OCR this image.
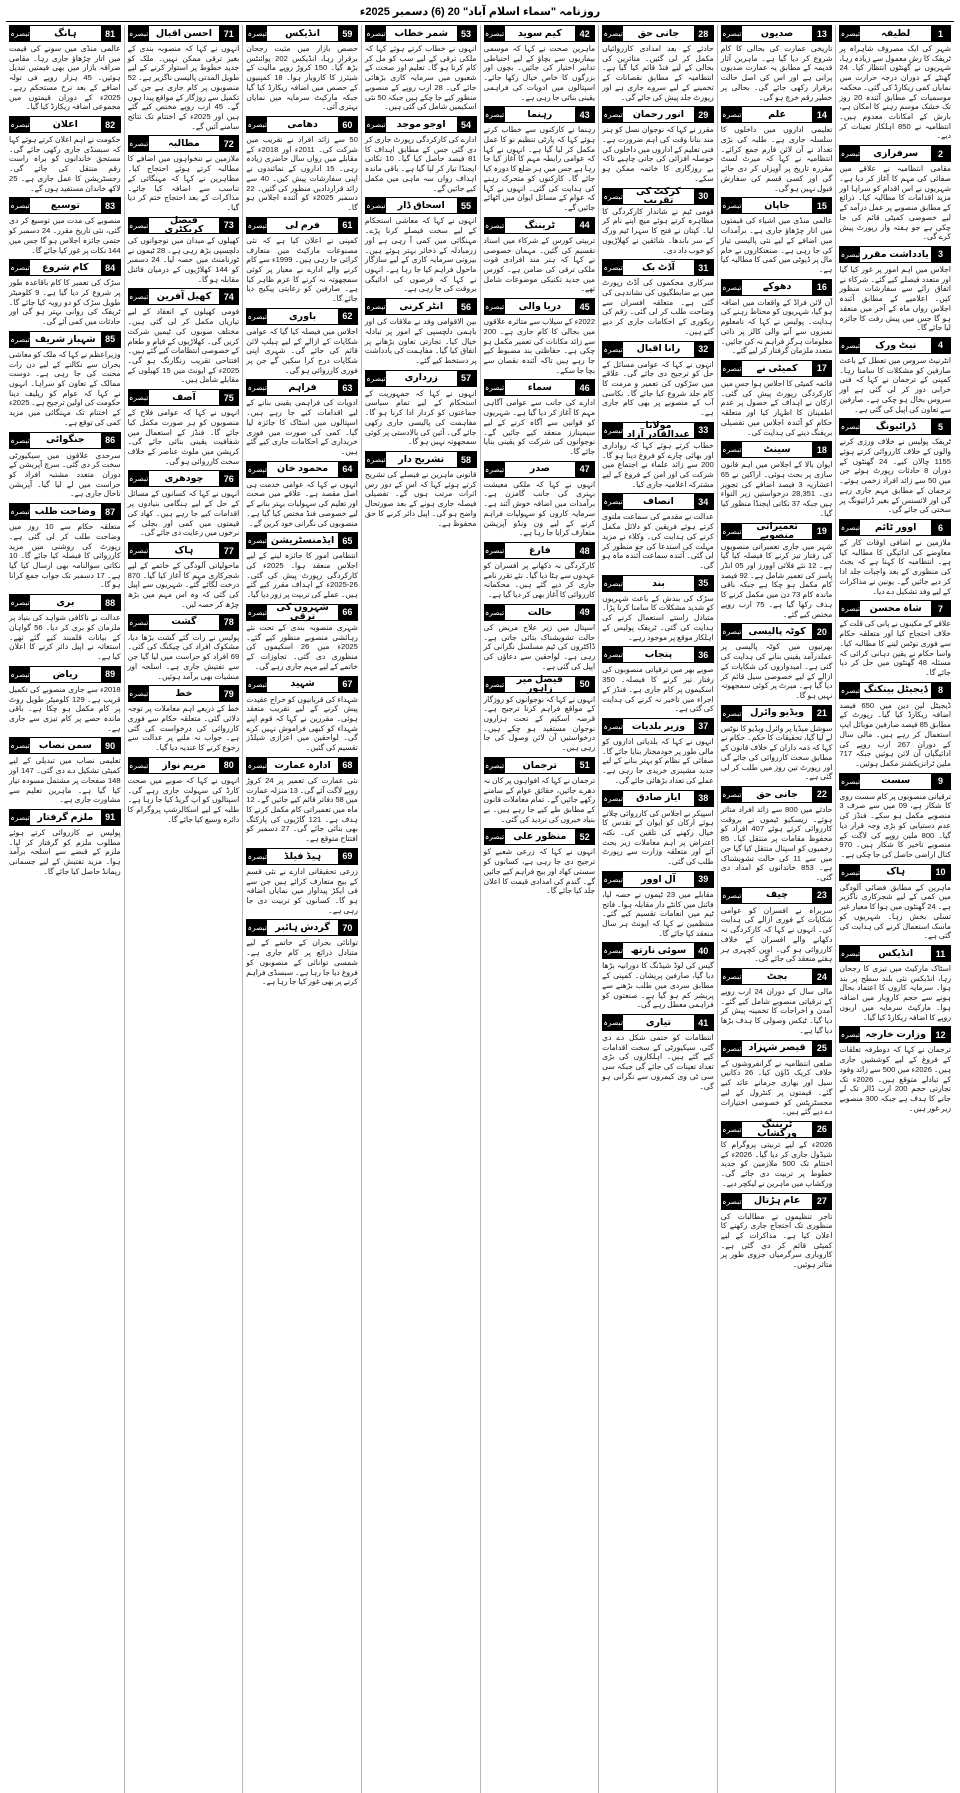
روزنامہ "سماء اسلام آباد" 20 (6) دسمبر 2025ء
1
لطیفہ
تبصرہ
شہر کی ایک مصروف شاہراہ پر ٹریفک کا رش معمول سے زیادہ رہا، شہریوں نے گھنٹوں انتظار کیا۔ 24 گھنٹے کے دوران درجہ حرارت میں نمایاں کمی ریکارڈ کی گئی۔ محکمہ موسمیات کے مطابق آئندہ 20 روز تک خشک موسم رہنے کا امکان ہے، بارش کے امکانات معدوم ہیں۔ انتظامیہ نے 850 اہلکار تعینات کر دیے۔
2
سرفرازی
تبصرہ
مقامی انتظامیہ نے علاقے میں صفائی کی مہم کا آغاز کر دیا ہے۔ شہریوں نے اس اقدام کو سراہا اور مزید اقدامات کا مطالبہ کیا۔ ذرائع کے مطابق منصوبے پر عمل درآمد کے لیے خصوصی کمیٹی قائم کی جا چکی ہے جو ہفتہ وار رپورٹ پیش کرے گی۔
3
یادداشت مقرر
تبصرہ
اجلاس میں اہم امور پر غور کیا گیا اور متعدد فیصلے کیے گئے۔ شرکاء نے اتفاق رائے سے سفارشات منظور کیں۔ اعلامیے کے مطابق آئندہ اجلاس رواں ماہ کے آخر میں منعقد ہو گا جس میں پیش رفت کا جائزہ لیا جائے گا۔
4
نیٹ ورک
تبصرہ
انٹرنیٹ سروس میں تعطل کے باعث صارفین کو مشکلات کا سامنا رہا۔ کمپنی کے ترجمان نے کہا کہ فنی خرابی دور کر لی گئی ہے اور سروس بحال ہو چکی ہے۔ صارفین سے تعاون کی اپیل کی گئی ہے۔
5
ڈرائیونگ
تبصرہ
ٹریفک پولیس نے خلاف ورزی کرنے والوں کے خلاف کارروائی کرتے ہوئے 1155 چالان کیے۔ 24 گھنٹوں کے دوران 8 حادثات رپورٹ ہوئے جن میں 50 سے زائد افراد زخمی ہوئے۔ ترجمان کے مطابق مہم جاری رہے گی اور لائسنس کے بغیر ڈرائیونگ پر سختی کی جائے گی۔
6
اوور ٹائم
تبصرہ
ملازمین نے اضافی اوقات کار کے معاوضے کی ادائیگی کا مطالبہ کیا ہے۔ انتظامیہ کا کہنا ہے کہ بجٹ کی منظوری کے بعد واجبات جلد ادا کر دیے جائیں گے۔ یونین نے مذاکرات کے لیے وفد تشکیل دے دیا۔
7
شاہ محسن
تبصرہ
علاقے کے مکینوں نے پانی کی قلت کے خلاف احتجاج کیا اور متعلقہ حکام سے فوری نوٹس لینے کا مطالبہ کیا۔ واسا حکام نے یقین دہانی کرائی کہ مسئلہ 48 گھنٹوں میں حل کر دیا جائے گا۔
8
ڈیجیٹل بینکنگ
تبصرہ
ڈیجیٹل لین دین میں 650 فیصد اضافہ ریکارڈ کیا گیا۔ رپورٹ کے مطابق 85 فیصد صارفین موبائل ایپ استعمال کر رہے ہیں۔ مالی سال کے دوران 267 ارب روپے کی ادائیگیاں آن لائن ہوئیں جبکہ 717 ملین ٹرانزیکشنز مکمل ہوئیں۔
9
سست
تبصرہ
ترقیاتی منصوبوں پر کام سست روی کا شکار ہے، 09 میں سے صرف 3 منصوبے مکمل ہو سکے۔ فنڈز کی عدم دستیابی کو بڑی وجہ قرار دیا گیا۔ 800 ملین روپے کی لاگت کے منصوبے تاخیر کا شکار ہیں۔ 970 کنال اراضی حاصل کی جا چکی ہے۔
10
ہاک
تبصرہ
ماہرین کے مطابق فضائی آلودگی میں کمی کے لیے شجرکاری ناگزیر ہے۔ 24 گھنٹوں میں ہوا کا معیار غیر تسلی بخش رہا۔ شہریوں کو ماسک استعمال کرنے کی ہدایت کی گئی ہے۔
11
انڈیکس
تبصرہ
اسٹاک مارکیٹ میں تیزی کا رجحان رہا، انڈیکس نئی بلند سطح پر بند ہوا۔ سرمایہ کاروں کا اعتماد بحال ہونے سے حجم کاروبار میں اضافہ ہوا۔ مارکیٹ سرمایہ میں اربوں روپے کا اضافہ ریکارڈ کیا گیا۔
12
وزارت خارجہ
تبصرہ
ترجمان نے کہا کہ دوطرفہ تعلقات کے فروغ کے لیے کوششیں جاری ہیں۔ 2026ء میں 500 سے زائد وفود کے تبادلے متوقع ہیں۔ 2026ء تک تجارتی حجم 200 ارب ڈالر تک لے جانے کا ہدف ہے جبکہ 300 منصوبے زیر غور ہیں۔
13
صدیوں
تبصرہ
تاریخی عمارت کی بحالی کا کام شروع کر دیا گیا ہے۔ ماہرین آثار قدیمہ کے مطابق یہ عمارت صدیوں پرانی ہے اور اس کی اصل حالت برقرار رکھی جائے گی۔ بحالی پر خطیر رقم خرچ ہو گی۔
14
علم
تبصرہ
تعلیمی اداروں میں داخلوں کا سلسلہ جاری ہے۔ طلبہ کی بڑی تعداد نے آن لائن فارم جمع کرائے۔ انتظامیہ نے کہا کہ میرٹ لسٹ مقررہ تاریخ پر آویزاں کر دی جائے گی اور کسی قسم کی سفارش قبول نہیں ہو گی۔
15
جاپان
تبصرہ
عالمی منڈی میں اشیاء کی قیمتوں میں اتار چڑھاؤ جاری ہے۔ برآمدات میں اضافے کے لیے نئی پالیسی تیار کی جا رہی ہے۔ صنعتکاروں نے خام مال پر ڈیوٹی میں کمی کا مطالبہ کیا ہے۔
16
دھوکے
تبصرہ
آن لائن فراڈ کے واقعات میں اضافہ ہو گیا، شہریوں کو محتاط رہنے کی ہدایت۔ پولیس نے کہا کہ نامعلوم نمبروں سے آنے والی کالز پر ذاتی معلومات ہرگز فراہم نہ کی جائیں۔ متعدد ملزمان گرفتار کر لیے گئے۔
17
کمیٹی نے
تبصرہ
قائمہ کمیٹی کا اجلاس ہوا جس میں کارکردگی رپورٹ پیش کی گئی۔ ارکان نے اہداف کے حصول پر عدم اطمینان کا اظہار کیا اور متعلقہ حکام کو آئندہ اجلاس میں تفصیلی بریفنگ دینے کی ہدایت کی۔
18
سینٹ
تبصرہ
ایوان بالا کے اجلاس میں اہم قانون سازی پر بحث ہوئی۔ اراکین نے 65 اعشاریہ 3 فیصد اضافے کی تجویز دی۔ 28,351 درخواستیں زیر التواء ہیں جبکہ 37 نکاتی ایجنڈا منظور کیا گیا۔
19
تعمیراتی منصوبے
تبصرہ
شہر میں جاری تعمیراتی منصوبوں کی رفتار تیز کرنے کا فیصلہ کیا گیا ہے۔ 12 نئے فلائی اوورز اور 05 انڈر پاسز کی تعمیر شامل ہے۔ 92 فیصد کام مکمل ہو چکا ہے جبکہ باقی ماندہ کام 73 دن میں مکمل کرنے کا ہدف رکھا گیا ہے۔ 75 ارب روپے مختص کیے گئے۔
20
کوٹہ پالیسی
تبصرہ
بھرتیوں میں کوٹہ پالیسی پر عملدرآمد یقینی بنانے کی ہدایت کی گئی ہے۔ امیدواروں کی شکایات کے ازالے کے لیے خصوصی سیل قائم کر دیا گیا ہے۔ میرٹ پر کوئی سمجھوتہ نہیں ہو گا۔
21
ویڈیو وائرل
تبصرہ
سوشل میڈیا پر وائرل ویڈیو کا نوٹس لے لیا گیا، تحقیقات کا حکم۔ حکام نے کہا کہ ذمہ داران کے خلاف قانون کے مطابق سخت کارروائی کی جائے گی اور رپورٹ تین روز میں طلب کر لی گئی ہے۔
22
جانی حق
تبصرہ
حادثے میں 800 سے زائد افراد متاثر ہوئے۔ ریسکیو ٹیموں نے بروقت کارروائی کرتے ہوئے 407 افراد کو محفوظ مقامات پر منتقل کیا۔ 85 زخمیوں کو اسپتال منتقل کیا گیا جن میں سے 11 کی حالت تشویشناک ہے۔ 853 خاندانوں کو امداد دی گئی۔
23
چیف
تبصرہ
سربراہ نے افسران کو عوامی شکایات کے فوری ازالے کی ہدایت کی۔ انہوں نے کہا کہ کارکردگی نہ دکھانے والے افسران کے خلاف کارروائی ہو گی۔ اوپن کچہری ہر ہفتے منعقد کی جائے گی۔
24
بجٹ
تبصرہ
مالی سال کے دوران 24 ارب روپے کے ترقیاتی منصوبے شامل کیے گئے۔ آمدن و اخراجات کا تخمینہ پیش کر دیا گیا۔ ٹیکس وصولی کا ہدف بڑھا دیا گیا ہے۔
25
قیصر شہزاد
تبصرہ
ضلعی انتظامیہ نے گرانفروشوں کے خلاف کریک ڈاؤن کیا۔ 26 دکانیں سیل اور بھاری جرمانے عائد کیے گئے۔ قیمتوں پر کنٹرول کے لیے مجسٹریٹس کو خصوصی اختیارات دے دیے گئے ہیں۔
26
ٹریننگ ورکشاپ
تبصرہ
2026ء کے لیے تربیتی پروگرام کا شیڈول جاری کر دیا گیا۔ 2026ء کے اختتام تک 500 ملازمین کو جدید خطوط پر تربیت دی جائے گی۔ ورکشاپ میں ماہرین نے لیکچر دیے۔
27
عام ہڑتال
تبصرہ
تاجر تنظیموں نے مطالبات کی منظوری تک احتجاج جاری رکھنے کا اعلان کیا ہے۔ مذاکرات کے لیے کمیٹی قائم کر دی گئی ہے۔ کاروباری سرگرمیاں جزوی طور پر متاثر ہوئیں۔
28
جانی حق
تبصرہ
حادثے کے بعد امدادی کارروائیاں مکمل کر لی گئیں۔ متاثرین کی بحالی کے لیے فنڈ قائم کیا گیا ہے۔ انتظامیہ کے مطابق نقصانات کے تخمینے کے لیے سروے جاری ہے اور رپورٹ جلد پیش کی جائے گی۔
29
انور رحمان
تبصرہ
مقرر نے کہا کہ نوجوان نسل کو ہنر مند بنانا وقت کی اہم ضرورت ہے۔ فنی تعلیم کے اداروں میں داخلوں کی حوصلہ افزائی کی جانی چاہیے تاکہ بے روزگاری کا خاتمہ ممکن ہو سکے۔
30
کرکٹ کی تقریب
تبصرہ
قومی ٹیم نے شاندار کارکردگی کا مظاہرہ کرتے ہوئے میچ اپنے نام کر لیا۔ کپتان نے فتح کا سہرا ٹیم ورک کے سر باندھا۔ شائقین نے کھلاڑیوں کو خوب داد دی۔
31
آڈٹ بک
تبصرہ
سرکاری محکموں کی آڈٹ رپورٹ میں بے ضابطگیوں کی نشاندہی کی گئی ہے۔ متعلقہ افسران سے وضاحت طلب کر لی گئی۔ رقم کی ریکوری کے احکامات جاری کر دیے گئے ہیں۔
32
رانا اقبال
تبصرہ
انہوں نے کہا کہ عوامی مسائل کے حل کو ترجیح دی جائے گی۔ علاقے میں سڑکوں کی تعمیر و مرمت کا کام جلد شروع کیا جائے گا۔ نکاسی آب کے منصوبے پر بھی کام جاری ہے۔
33
مولانا عبدالقادر آزاد
تبصرہ
خطاب کرتے ہوئے کہا کہ رواداری اور بھائی چارے کو فروغ دینا ہو گا۔ 200 سے زائد علماء نے اجتماع میں شرکت کی اور امن کے فروغ کے لیے مشترکہ اعلامیہ جاری کیا۔
34
انصاف
تبصرہ
عدالت نے مقدمے کی سماعت ملتوی کرتے ہوئے فریقین کو دلائل مکمل کرنے کی ہدایت کی۔ وکلاء نے مزید مہلت کی استدعا کی جو منظور کر لی گئی۔ آئندہ سماعت آئندہ ماہ ہو گی۔
35
بند
تبصرہ
سڑک کی بندش کے باعث شہریوں کو شدید مشکلات کا سامنا کرنا پڑا۔ متبادل راستے استعمال کرنے کی ہدایت کی گئی۔ ٹریفک پولیس کے اہلکار موقع پر موجود رہے۔
36
پنجاب
تبصرہ
صوبے بھر میں ترقیاتی منصوبوں کی رفتار تیز کرنے کا فیصلہ۔ 350 اسکیموں پر کام جاری ہے۔ فنڈز کے اجراء میں تاخیر نہ کرنے کی ہدایت کی گئی ہے۔
37
وزیر بلدیات
تبصرہ
انہوں نے کہا کہ بلدیاتی اداروں کو مالی طور پر خودمختار بنایا جائے گا۔ صفائی کے نظام کو بہتر بنانے کے لیے جدید مشینری خریدی جا رہی ہے۔ عملے کی تعداد بڑھائی جائے گی۔
38
ایاز صادق
تبصرہ
اسپیکر نے اجلاس کی کارروائی چلاتے ہوئے ارکان کو ایوان کے تقدس کا خیال رکھنے کی تلقین کی۔ نکتہ اعتراض پر اہم معاملات زیر بحث آئے اور متعلقہ وزارت سے رپورٹ طلب کی گئی۔
39
آل اوور
تبصرہ
مقابلے میں 23 ٹیموں نے حصہ لیا، فائنل میں کانٹے دار مقابلہ ہوا۔ فاتح ٹیم میں انعامات تقسیم کیے گئے۔ منتظمین نے کہا کہ ایونٹ ہر سال منعقد کیا جائے گا۔
40
سوئی نارتھ
تبصرہ
گیس کی لوڈ شیڈنگ کا دورانیہ بڑھا دیا گیا، صارفین پریشان۔ کمپنی کے مطابق سردی میں طلب بڑھنے سے پریشر کم ہو گیا ہے۔ صنعتوں کو فراہمی معطل رہے گی۔
41
تیاری
تبصرہ
انتظامات کو حتمی شکل دے دی گئی، سیکیورٹی کے سخت اقدامات کیے گئے ہیں۔ اہلکاروں کی بڑی تعداد تعینات کی جائے گی جبکہ سی سی ٹی وی کیمروں سے نگرانی ہو گی۔
42
کیم سوید
تبصرہ
ماہرین صحت نے کہا کہ موسمی بیماریوں سے بچاؤ کے لیے احتیاطی تدابیر اختیار کی جائیں۔ بچوں اور بزرگوں کا خاص خیال رکھا جائے۔ اسپتالوں میں ادویات کی فراہمی یقینی بنائی جا رہی ہے۔
43
رہنما
تبصرہ
رہنما نے کارکنوں سے خطاب کرتے ہوئے کہا کہ پارٹی تنظیم نو کا عمل مکمل کر لیا گیا ہے۔ انہوں نے کہا کہ عوامی رابطہ مہم کا آغاز کیا جا رہا ہے جس میں ہر ضلع کا دورہ کیا جائے گا۔ کارکنوں کو متحرک رہنے کی ہدایت کی گئی۔ انہوں نے کہا کہ عوام کے مسائل ایوان میں اٹھائے جائیں گے۔
44
ٹریننگ
تبصرہ
تربیتی کورس کے شرکاء میں اسناد تقسیم کی گئیں۔ مہمان خصوصی نے کہا کہ ہنر مند افرادی قوت ملکی ترقی کی ضامن ہے۔ کورس میں جدید تکنیکی موضوعات شامل تھے۔
45
دریا والی
تبصرہ
2022ء کے سیلاب سے متاثرہ علاقوں میں بحالی کا کام جاری ہے۔ 200 سے زائد مکانات کی تعمیر مکمل ہو چکی ہے۔ حفاظتی بند مضبوط کیے جا رہے ہیں تاکہ آئندہ نقصان سے بچا جا سکے۔
46
سماء
تبصرہ
ادارے کی جانب سے عوامی آگاہی مہم کا آغاز کر دیا گیا ہے۔ شہریوں کو قوانین سے آگاہ کرنے کے لیے سیمینارز منعقد کیے جائیں گے۔ نوجوانوں کی شرکت کو یقینی بنایا جائے گا۔
47
صدر
تبصرہ
انہوں نے کہا کہ ملکی معیشت بہتری کی جانب گامزن ہے۔ برآمدات میں اضافہ خوش آئند ہے۔ سرمایہ کاروں کو سہولیات فراہم کرنے کے لیے ون ونڈو آپریشن متعارف کرایا جا رہا ہے۔
48
فارغ
تبصرہ
کارکردگی نہ دکھانے پر افسران کو عہدوں سے ہٹا دیا گیا۔ نئے تقرر نامے جاری کر دیے گئے ہیں۔ محکمانہ کارروائی کا آغاز بھی کر دیا گیا ہے۔
49
حالت
تبصرہ
اسپتال میں زیر علاج مریض کی حالت تشویشناک بتائی جاتی ہے۔ ڈاکٹروں کی ٹیم مسلسل نگرانی کر رہی ہے۔ لواحقین سے دعاؤں کی اپیل کی گئی ہے۔
50
فیصل میر زاہور
تبصرہ
انہوں نے کہا کہ نوجوانوں کو روزگار کے مواقع فراہم کرنا ترجیح ہے۔ قرضہ اسکیم کے تحت ہزاروں نوجوان مستفید ہو چکے ہیں۔ درخواستیں آن لائن وصول کی جا رہی ہیں۔
51
ترجمان
تبصرہ
ترجمان نے کہا کہ افواہوں پر کان نہ دھرے جائیں، حقائق عوام کے سامنے رکھے جائیں گے۔ تمام معاملات قانون کے مطابق طے کیے جا رہے ہیں۔ بے بنیاد خبروں کی تردید کی گئی۔
52
منظور علی
تبصرہ
انہوں نے کہا کہ زرعی شعبے کو ترجیح دی جا رہی ہے، کسانوں کو سستی کھاد اور بیج فراہم کیے جائیں گے۔ گندم کی امدادی قیمت کا اعلان جلد کیا جائے گا۔
53
شمر خطاب
تبصرہ
انہوں نے خطاب کرتے ہوئے کہا کہ ملکی ترقی کے لیے سب کو مل کر کام کرنا ہو گا۔ تعلیم اور صحت کے شعبوں میں سرمایہ کاری بڑھائی جائے گی۔ 28 ارب روپے کے منصوبے منظور کیے جا چکے ہیں جبکہ 50 نئی اسکیمیں شامل کی گئی ہیں۔
54
اوجو موجد
تبصرہ
ادارے کی کارکردگی رپورٹ جاری کر دی گئی جس کے مطابق اہداف کا 81 فیصد حاصل کیا گیا۔ 10 نکاتی ایجنڈا تیار کر لیا گیا ہے۔ باقی ماندہ اہداف رواں سہ ماہی میں مکمل کیے جائیں گے۔
55
اسحاق ڈار
تبصرہ
انہوں نے کہا کہ معاشی استحکام کے لیے سخت فیصلے کرنا پڑے۔ مہنگائی میں کمی آ رہی ہے اور زرمبادلہ کے ذخائر بہتر ہوئے ہیں۔ بیرونی سرمایہ کاری کے لیے سازگار ماحول فراہم کیا جا رہا ہے۔ انہوں نے کہا کہ قرضوں کی ادائیگی بروقت کی جا رہی ہے۔
56
انٹر کرنی
تبصرہ
بین الاقوامی وفد نے ملاقات کی اور باہمی دلچسپی کے امور پر تبادلہ خیال کیا۔ تجارتی تعاون بڑھانے پر اتفاق کیا گیا۔ مفاہمت کی یادداشت پر دستخط کیے گئے۔
57
زرداری
تبصرہ
انہوں نے کہا کہ جمہوریت کے استحکام کے لیے تمام سیاسی جماعتوں کو کردار ادا کرنا ہو گا۔ مفاہمت کی پالیسی جاری رکھی جائے گی۔ آئین کی بالادستی پر کوئی سمجھوتہ نہیں ہو گا۔
58
تشریح دار
تبصرہ
قانونی ماہرین نے فیصلے کی تشریح کرتے ہوئے کہا کہ اس کے دور رس اثرات مرتب ہوں گے۔ تفصیلی فیصلہ جاری ہونے کے بعد صورتحال واضح ہو گی۔ اپیل دائر کرنے کا حق محفوظ ہے۔
59
انڈیکس
تبصرہ
حصص بازار میں مثبت رجحان برقرار رہا، انڈیکس 202 پوائنٹس بڑھ گیا۔ 150 کروڑ روپے مالیت کے شیئرز کا کاروبار ہوا۔ 18 کمپنیوں کے حصص میں اضافہ ریکارڈ کیا گیا جبکہ مارکیٹ سرمایہ میں نمایاں بہتری آئی۔
60
دھامی
تبصرہ
50 سے زائد افراد نے تقریب میں شرکت کی۔ 2011ء اور 2018ء کے مقابلے میں رواں سال حاضری زیادہ رہی۔ 15 اداروں کے نمائندوں نے اپنی سفارشات پیش کیں۔ 40 سے زائد قراردادیں منظور کی گئیں۔ 22 دسمبر 2025ء کو آئندہ اجلاس ہو گا۔
61
فرم لی
تبصرہ
کمپنی نے اعلان کیا ہے کہ نئی مصنوعات مارکیٹ میں متعارف کرائی جا رہی ہیں۔ 1999ء سے کام کرنے والے ادارے نے معیار پر کوئی سمجھوتہ نہ کرنے کا عزم ظاہر کیا ہے۔ صارفین کو رعایتی پیکیج دیا جائے گا۔
62
باوری
تبصرہ
اجلاس میں فیصلہ کیا گیا کہ عوامی شکایات کے ازالے کے لیے ہیلپ لائن قائم کی جائے گی۔ شہری اپنی شکایات درج کرا سکیں گے جن پر فوری کارروائی ہو گی۔
63
فراہم
تبصرہ
ادویات کی فراہمی یقینی بنانے کے لیے اقدامات کیے جا رہے ہیں۔ اسپتالوں میں اسٹاک کا جائزہ لیا گیا۔ کمی کی صورت میں فوری خریداری کے احکامات جاری کیے گئے ہیں۔
64
محمود خان
تبصرہ
انہوں نے کہا کہ عوامی خدمت ہی اصل مقصد ہے۔ علاقے میں صحت اور تعلیم کی سہولیات بہتر بنانے کے لیے خصوصی فنڈ مختص کیا گیا ہے۔ منصوبوں کی نگرانی خود کریں گے۔
65
ایڈمنسٹریشن
تبصرہ
انتظامی امور کا جائزہ لینے کے لیے اجلاس منعقد ہوا۔ 2025ء کی کارکردگی رپورٹ پیش کی گئی۔ 26-2025ء کے اہداف مقرر کیے گئے ہیں۔ عملے کی تربیت پر زور دیا گیا۔
66
شہروں کی ترقی
تبصرہ
شہری منصوبہ بندی کے تحت نئے رہائشی منصوبے منظور کیے گئے۔ 2025ء میں 26 اسکیموں کی منظوری دی گئی۔ تجاوزات کے خاتمے کے لیے مہم جاری رہے گی۔
67
شہید
تبصرہ
شہداء کی قربانیوں کو خراج عقیدت پیش کرنے کے لیے تقریب منعقد ہوئی۔ مقررین نے کہا کہ قوم اپنے شہداء کو کبھی فراموش نہیں کرے گی۔ لواحقین میں اعزازی شیلڈز تقسیم کی گئیں۔
68
ادارہ عمارت
تبصرہ
نئی عمارت کی تعمیر پر 24 کروڑ روپے لاگت آئے گی۔ 13 منزلہ عمارت میں 58 دفاتر قائم کیے جائیں گے۔ 12 ماہ میں تعمیراتی کام مکمل کرنے کا ہدف ہے۔ 121 گاڑیوں کی پارکنگ بھی بنائی جائے گی۔ 27 دسمبر کو افتتاح متوقع ہے۔
69
ہیڈ فیلڈ
تبصرہ
زرعی تحقیقاتی ادارے نے نئی قسم کے بیج متعارف کرائے ہیں جن سے فی ایکڑ پیداوار میں نمایاں اضافہ ہو گا۔ کسانوں کو تربیت دی جا رہی ہے۔
70
گردش ہائبر
تبصرہ
توانائی بحران کے خاتمے کے لیے متبادل ذرائع پر کام جاری ہے۔ شمسی توانائی کے منصوبوں کو فروغ دیا جا رہا ہے۔ سبسڈی فراہم کرنے پر بھی غور کیا جا رہا ہے۔
71
احسن اقبال
تبصرہ
انہوں نے کہا کہ منصوبہ بندی کے بغیر ترقی ممکن نہیں۔ ملک کو جدید خطوط پر استوار کرنے کے لیے طویل المدتی پالیسی ناگزیر ہے۔ 52 منصوبوں پر کام جاری ہے جن کی تکمیل سے روزگار کے مواقع پیدا ہوں گے۔ 45 ارب روپے مختص کیے گئے ہیں اور 2025ء کے اختتام تک نتائج سامنے آئیں گے۔
72
مطالبہ
تبصرہ
ملازمین نے تنخواہوں میں اضافے کا مطالبہ کرتے ہوئے احتجاج کیا۔ مظاہرین نے کہا کہ مہنگائی کے تناسب سے اضافہ کیا جائے۔ مذاکرات کے بعد احتجاج ختم کر دیا گیا۔
73
فیصل کریکٹری
تبصرہ
کھیلوں کے میدان میں نوجوانوں کی دلچسپی بڑھ رہی ہے۔ 28 ٹیموں نے ٹورنامنٹ میں حصہ لیا۔ 24 دسمبر کو 144 کھلاڑیوں کے درمیان فائنل مقابلہ ہو گا۔
74
کھیل آفرین
تبصرہ
قومی کھیلوں کے انعقاد کے لیے تیاریاں مکمل کر لی گئی ہیں۔ مختلف صوبوں کی ٹیمیں شرکت کریں گی۔ کھلاڑیوں کے قیام و طعام کے خصوصی انتظامات کیے گئے ہیں۔ افتتاحی تقریب رنگارنگ ہو گی۔ 2025ء کے ایونٹ میں 15 کھیلوں کے مقابلے شامل ہیں۔
75
آصف
تبصرہ
انہوں نے کہا کہ عوامی فلاح کے منصوبوں کو ہر صورت مکمل کیا جائے گا۔ فنڈز کے استعمال میں شفافیت یقینی بنائی جائے گی۔ کرپشن میں ملوث عناصر کے خلاف سخت کارروائی ہو گی۔
76
چودھری
تبصرہ
انہوں نے کہا کہ کسانوں کے مسائل کے حل کے لیے ہنگامی بنیادوں پر اقدامات کیے جا رہے ہیں۔ کھاد کی قیمتوں میں کمی اور بجلی کے نرخوں میں رعایت دی جائے گی۔
77
ہاک
تبصرہ
ماحولیاتی آلودگی کے خاتمے کے لیے شجرکاری مہم کا آغاز کیا گیا۔ 870 درخت لگائے گئے۔ شہریوں سے اپیل کی گئی کہ وہ اس مہم میں بڑھ چڑھ کر حصہ لیں۔
78
گشت
تبصرہ
پولیس نے رات گئے گشت بڑھا دیا، مشکوک افراد کی چیکنگ کی گئی۔ 69 افراد کو حراست میں لیا گیا جن سے تفتیش جاری ہے۔ اسلحہ اور منشیات بھی برآمد ہوئیں۔
79
خط
تبصرہ
خط کے ذریعے اہم معاملات پر توجہ دلائی گئی۔ متعلقہ حکام سے فوری کارروائی کی درخواست کی گئی ہے۔ جواب نہ ملنے پر عدالت سے رجوع کرنے کا عندیہ دیا گیا۔
80
مریم نواز
تبصرہ
انہوں نے کہا کہ صوبے میں صحت کارڈ کی سہولت جاری رہے گی۔ اسپتالوں کو اپ گریڈ کیا جا رہا ہے۔ طلبہ کے لیے اسکالرشپ پروگرام کا دائرہ وسیع کیا جائے گا۔
81
ہانگ
تبصرہ
عالمی منڈی میں سونے کی قیمت میں اتار چڑھاؤ جاری رہا۔ مقامی صرافہ بازار میں بھی قیمتیں تبدیل ہوئیں۔ 45 ہزار روپے فی تولہ اضافے کے بعد نرخ مستحکم رہے۔ 2025ء کے دوران قیمتوں میں مجموعی اضافہ ریکارڈ کیا گیا۔
82
اعلان
تبصرہ
حکومت نے اہم اعلان کرتے ہوئے کہا کہ سبسڈی جاری رکھی جائے گی۔ مستحق خاندانوں کو براہ راست رقم منتقل کی جائے گی۔ رجسٹریشن کا عمل جاری ہے۔ 25 لاکھ خاندان مستفید ہوں گے۔
83
توسیع
تبصرہ
منصوبے کی مدت میں توسیع کر دی گئی، نئی تاریخ مقرر۔ 24 دسمبر کو حتمی جائزہ اجلاس ہو گا جس میں 144 نکات پر غور کیا جائے گا۔
84
کام شروع
تبصرہ
سڑک کی تعمیر کا کام باقاعدہ طور پر شروع کر دیا گیا ہے۔ 9 کلومیٹر طویل سڑک کو دو رویہ کیا جائے گا۔ ٹریفک کی روانی بہتر ہو گی اور حادثات میں کمی آئے گی۔
85
شہباز شریف
تبصرہ
وزیراعظم نے کہا کہ ملک کو معاشی بحران سے نکالنے کے لیے دن رات محنت کی جا رہی ہے۔ دوست ممالک کے تعاون کو سراہا۔ انہوں نے کہا کہ عوام کو ریلیف دینا حکومت کی اولین ترجیح ہے۔ 2025ء کے اختتام تک مہنگائی میں مزید کمی کی توقع ہے۔
86
جنگوائی
تبصرہ
سرحدی علاقوں میں سیکیورٹی سخت کر دی گئی۔ سرچ آپریشن کے دوران متعدد مشتبہ افراد کو حراست میں لے لیا گیا۔ آپریشن تاحال جاری ہے۔
87
وضاحت طلب
تبصرہ
متعلقہ حکام سے 10 روز میں وضاحت طلب کر لی گئی ہے۔ رپورٹ کی روشنی میں مزید کارروائی کا فیصلہ کیا جائے گا۔ 10 نکاتی سوالنامہ بھی ارسال کیا گیا ہے۔ 17 دسمبر تک جواب جمع کرانا ہو گا۔
88
بری
تبصرہ
عدالت نے ناکافی شواہد کی بنیاد پر ملزمان کو بری کر دیا۔ 56 گواہان کے بیانات قلمبند کیے گئے تھے۔ استغاثہ نے اپیل دائر کرنے کا اعلان کیا ہے۔
89
ریاض
تبصرہ
2018ء سے جاری منصوبے کی تکمیل قریب ہے۔ 129 کلومیٹر طویل روٹ پر کام مکمل ہو چکا ہے۔ باقی ماندہ حصے پر کام تیزی سے جاری ہے۔
90
سمن نصاب
تبصرہ
تعلیمی نصاب میں تبدیلی کے لیے کمیٹی تشکیل دے دی گئی۔ 147 اور 148 صفحات پر مشتمل مسودہ تیار کیا گیا ہے۔ ماہرین تعلیم سے مشاورت جاری ہے۔
91
ملزم گرفتار
تبصرہ
پولیس نے کارروائی کرتے ہوئے مطلوب ملزم کو گرفتار کر لیا۔ ملزم کے قبضے سے اسلحہ برآمد ہوا۔ مزید تفتیش کے لیے جسمانی ریمانڈ حاصل کیا جائے گا۔
